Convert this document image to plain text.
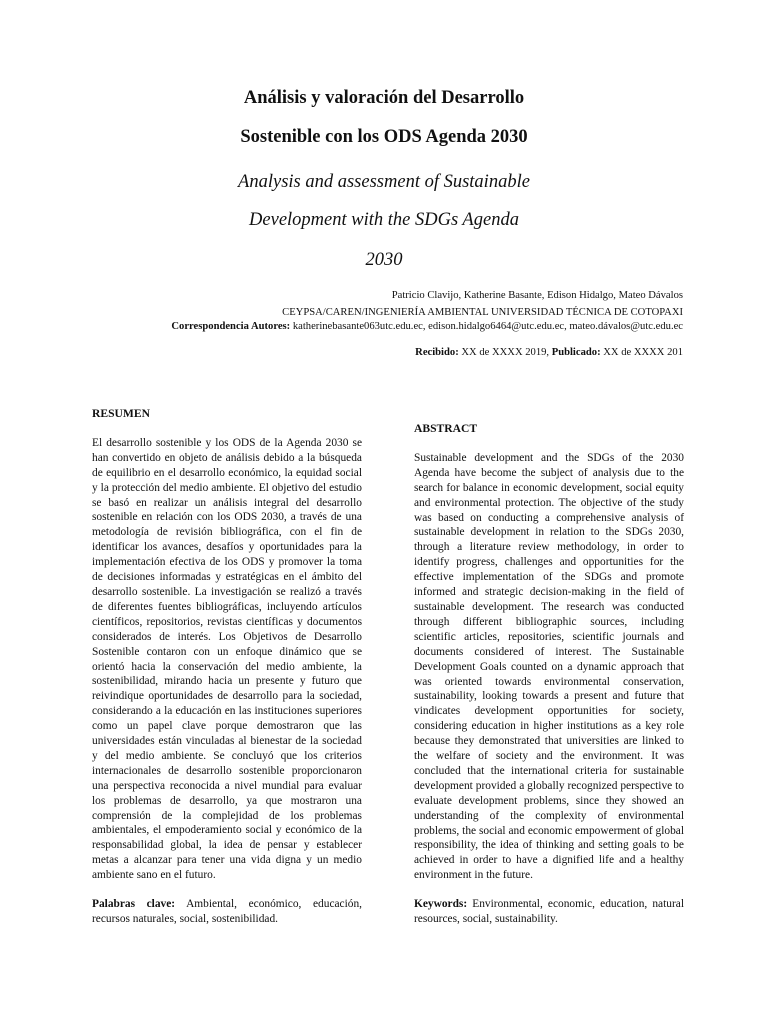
Análisis y valoración del Desarrollo
Sostenible con los ODS Agenda 2030
Analysis and assessment of Sustainable
Development with the SDGs Agenda
2030
Patricio Clavijo, Katherine Basante, Edison Hidalgo, Mateo Dávalos
CEYPSA/CAREN/INGENIERÍA AMBIENTAL UNIVERSIDAD TÉCNICA DE COTOPAXI
Correspondencia Autores: katherinebasante063utc.edu.ec, edison.hidalgo6464@utc.edu.ec, mateo.dávalos@utc.edu.ec
Recibido: XX de XXXX 2019, Publicado: XX de XXXX 201
RESUMEN

El desarrollo sostenible y los ODS de la Agenda 2030 se han convertido en objeto de análisis debido a la búsqueda de equilibrio en el desarrollo económico, la equidad social y la protección del medio ambiente. El objetivo del estudio se basó en realizar un análisis integral del desarrollo sostenible en relación con los ODS 2030, a través de una metodología de revisión bibliográfica, con el fin de identificar los avances, desafíos y oportunidades para la implementación efectiva de los ODS y promover la toma de decisiones informadas y estratégicas en el ámbito del desarrollo sostenible. La investigación se realizó a través de diferentes fuentes bibliográficas, incluyendo artículos científicos, repositorios, revistas científicas y documentos considerados de interés. Los Objetivos de Desarrollo Sostenible contaron con un enfoque dinámico que se orientó hacia la conservación del medio ambiente, la sostenibilidad, mirando hacia un presente y futuro que reivindique oportunidades de desarrollo para la sociedad, considerando a la educación en las instituciones superiores como un papel clave porque demostraron que las universidades están vinculadas al bienestar de la sociedad y del medio ambiente. Se concluyó que los criterios internacionales de desarrollo sostenible proporcionaron una perspectiva reconocida a nivel mundial para evaluar los problemas de desarrollo, ya que mostraron una comprensión de la complejidad de los problemas ambientales, el empoderamiento social y económico de la responsabilidad global, la idea de pensar y establecer metas a alcanzar para tener una vida digna y un medio ambiente sano en el futuro.

Palabras clave: Ambiental, económico, educación, recursos naturales, social, sostenibilidad.

ABSTRACT

Sustainable development and the SDGs of the 2030 Agenda have become the subject of analysis due to the search for balance in economic development, social equity and environmental protection. The objective of the study was based on conducting a comprehensive analysis of sustainable development in relation to the SDGs 2030, through a literature review methodology, in order to identify progress, challenges and opportunities for the effective implementation of the SDGs and promote informed and strategic decision-making in the field of sustainable development. The research was conducted through different bibliographic sources, including scientific articles, repositories, scientific journals and documents considered of interest. The Sustainable Development Goals counted on a dynamic approach that was oriented towards environmental conservation, sustainability, looking towards a present and future that vindicates development opportunities for society, considering education in higher institutions as a key role because they demonstrated that universities are linked to the welfare of society and the environment. It was concluded that the international criteria for sustainable development provided a globally recognized perspective to evaluate development problems, since they showed an understanding of the complexity of environmental problems, the social and economic empowerment of global responsibility, the idea of thinking and setting goals to be achieved in order to have a dignified life and a healthy environment in the future.

Keywords: Environmental, economic, education, natural resources, social, sustainability.
